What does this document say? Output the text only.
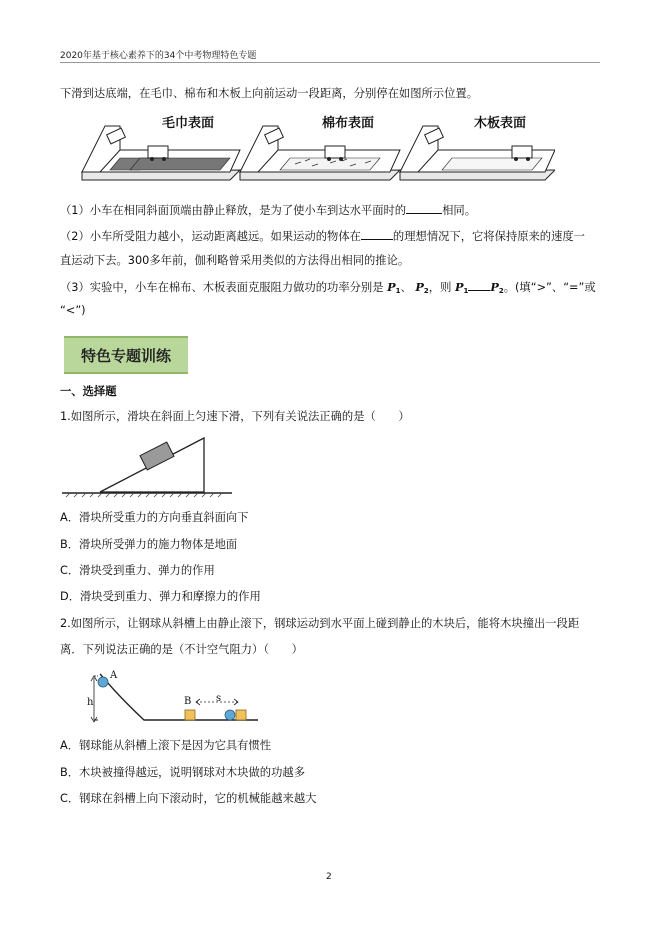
2020年基于核心素养下的34个中考物理特色专题
下滑到达底端，在毛巾、棉布和木板上向前运动一段距离，分别停在如图所示位置。
毛巾表面	棉布表面	木板表面
（1）小车在相同斜面顶端由静止释放，是为了使小车到达水平面时的	相同。
（2）小车所受阻力越小，运动距离越远。如果运动的物体在	的理想情况下，它将保持原来的速度一
直运动下去。300多年前，伽利略曾采用类似的方法得出相同的推论。
（3）实验中，小车在棉布、木板表面克服阻力做功的功率分别是 $P_1$、 $P_2$，则 $P_1$ $P_2$。(填“>”、“=”或
“<”)
特色专题训练
一、选择题
1.如图所示，滑块在斜面上匀速下滑，下列有关说法正确的是（　　）
A．滑块所受重力的方向垂直斜面向下
B．滑块所受弹力的施力物体是地面
C．滑块受到重力、弹力的作用
D．滑块受到重力、弹力和摩擦力的作用
2.如图所示，让钢球从斜槽上由静止滚下，钢球运动到水平面上碰到静止的木块后，能将木块撞出一段距
离．下列说法正确的是（不计空气阻力）（　　）
A
h	B s
A．钢球能从斜槽上滚下是因为它具有惯性
B．木块被撞得越远，说明钢球对木块做的功越多
C．钢球在斜槽上向下滚动时，它的机械能越来越大
2
